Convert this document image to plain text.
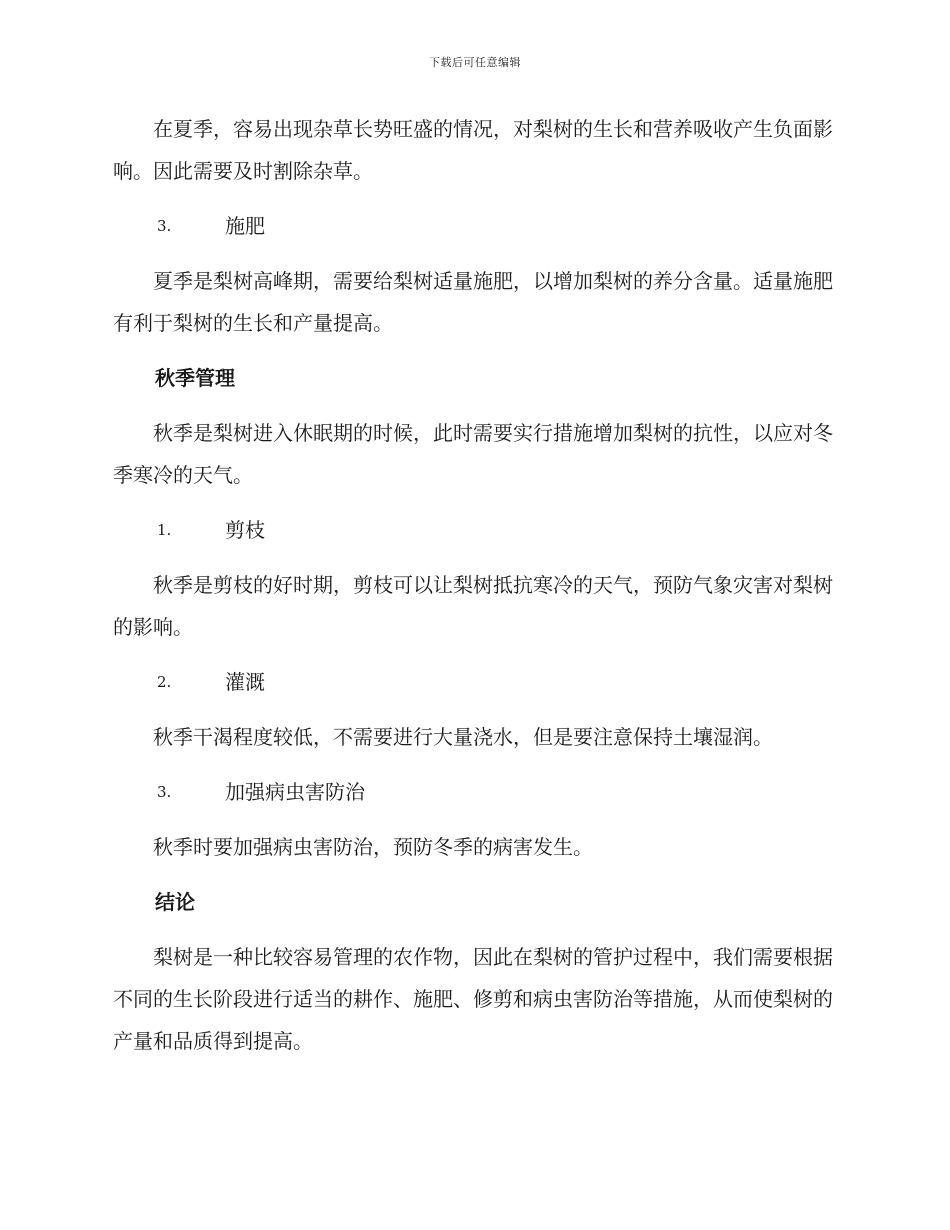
下载后可任意编辑

在夏季，容易出现杂草长势旺盛的情况，对梨树的生长和营养吸收产生负面影响。因此需要及时割除杂草。

3.	施肥

夏季是梨树高峰期，需要给梨树适量施肥，以增加梨树的养分含量。适量施肥有利于梨树的生长和产量提高。

秋季管理

秋季是梨树进入休眠期的时候，此时需要实行措施增加梨树的抗性，以应对冬季寒冷的天气。

1.	剪枝

秋季是剪枝的好时期，剪枝可以让梨树抵抗寒冷的天气，预防气象灾害对梨树的影响。

2.	灌溉

秋季干渴程度较低，不需要进行大量浇水，但是要注意保持土壤湿润。

3.	加强病虫害防治

秋季时要加强病虫害防治，预防冬季的病害发生。

结论

梨树是一种比较容易管理的农作物，因此在梨树的管护过程中，我们需要根据不同的生长阶段进行适当的耕作、施肥、修剪和病虫害防治等措施，从而使梨树的产量和品质得到提高。
